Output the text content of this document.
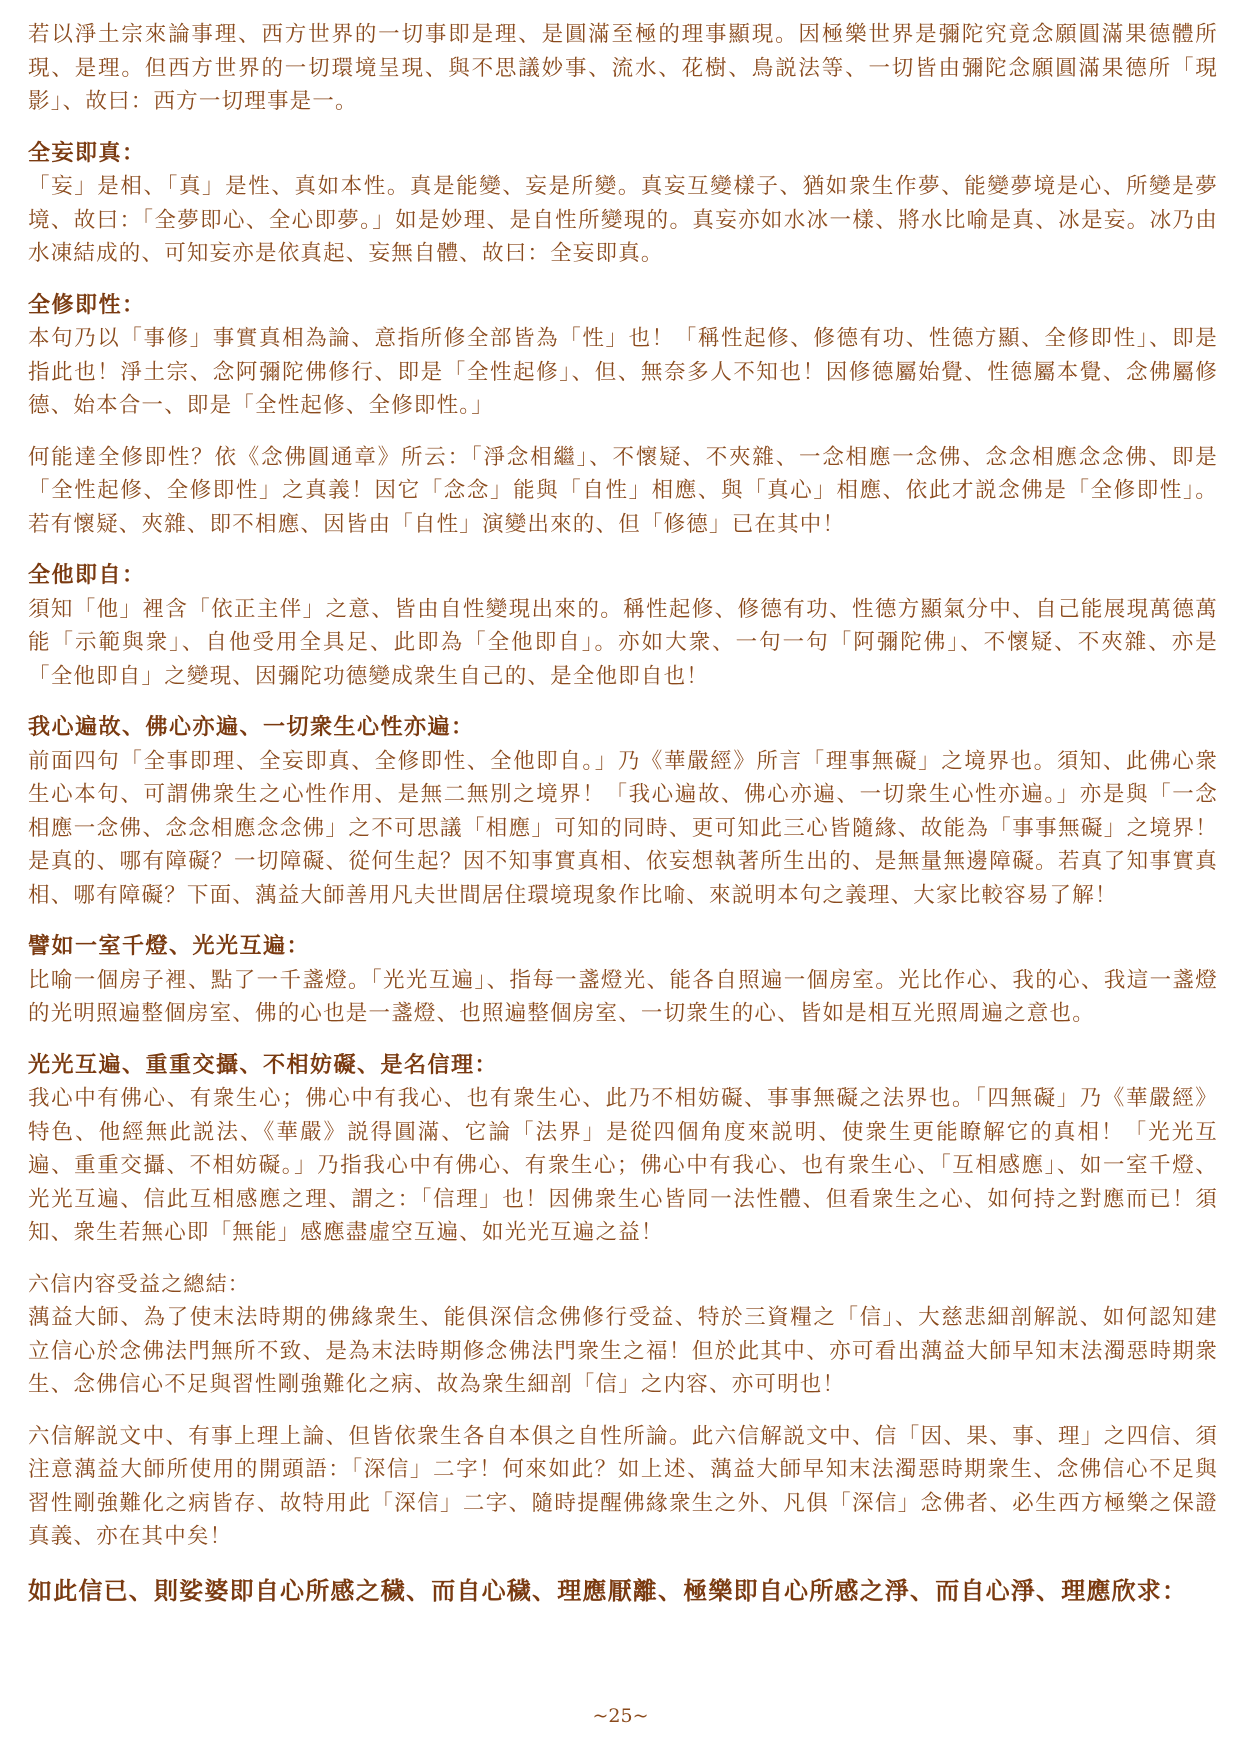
若以淨土宗來論事理、西方世界的一切事即是理、是圓滿至極的理事顯現。因極樂世界是彌陀究竟念願圓滿果德體所現、是理。但西方世界的一切環境呈現、與不思議妙事、流水、花樹、鳥説法等、一切皆由彌陀念願圓滿果德所「現影」、故曰：西方一切理事是一。

全妄即真：

「妄」是相、「真」是性、真如本性。真是能變、妄是所變。真妄互變樣子、猶如衆生作夢、能變夢境是心、所變是夢境、故曰：「全夢即心、全心即夢。」如是妙理、是自性所變現的。真妄亦如水冰一樣、將水比喻是真、冰是妄。冰乃由水凍結成的、可知妄亦是依真起、妄無自體、故曰：全妄即真。

全修即性：

本句乃以「事修」事實真相為論、意指所修全部皆為「性」也！「稱性起修、修德有功、性德方顯、全修即性」、即是指此也！淨土宗、念阿彌陀佛修行、即是「全性起修」、但、無奈多人不知也！因修德屬始覺、性德屬本覺、念佛屬修德、始本合一、即是「全性起修、全修即性。」

何能達全修即性？依《念佛圓通章》所云：「淨念相繼」、不懷疑、不夾雜、一念相應一念佛、念念相應念念佛、即是「全性起修、全修即性」之真義！因它「念念」能與「自性」相應、與「真心」相應、依此才説念佛是「全修即性」。若有懷疑、夾雜、即不相應、因皆由「自性」演變出來的、但「修德」已在其中！

全他即自：

須知「他」裡含「依正主伴」之意、皆由自性變現出來的。稱性起修、修德有功、性德方顯氣分中、自己能展現萬德萬能「示範與衆」、自他受用全具足、此即為「全他即自」。亦如大衆、一句一句「阿彌陀佛」、不懷疑、不夾雜、亦是「全他即自」之變現、因彌陀功德變成衆生自己的、是全他即自也！

我心遍故、佛心亦遍、一切衆生心性亦遍：

前面四句「全事即理、全妄即真、全修即性、全他即自。」乃《華嚴經》所言「理事無礙」之境界也。須知、此佛心衆生心本句、可謂佛衆生之心性作用、是無二無別之境界！「我心遍故、佛心亦遍、一切衆生心性亦遍。」亦是與「一念相應一念佛、念念相應念念佛」之不可思議「相應」可知的同時、更可知此三心皆隨緣、故能為「事事無礙」之境界！是真的、哪有障礙？一切障礙、從何生起？因不知事實真相、依妄想執著所生出的、是無量無邊障礙。若真了知事實真相、哪有障礙？下面、蕅益大師善用凡夫世間居住環境現象作比喻、來説明本句之義理、大家比較容易了解！

譬如一室千燈、光光互遍：

比喻一個房子裡、點了一千盞燈。「光光互遍」、指每一盞燈光、能各自照遍一個房室。光比作心、我的心、我這一盞燈的光明照遍整個房室、佛的心也是一盞燈、也照遍整個房室、一切衆生的心、皆如是相互光照周遍之意也。

光光互遍、重重交攝、不相妨礙、是名信理：

我心中有佛心、有衆生心；佛心中有我心、也有衆生心、此乃不相妨礙、事事無礙之法界也。「四無礙」乃《華嚴經》特色、他經無此説法、《華嚴》説得圓滿、它論「法界」是從四個角度來説明、使衆生更能瞭解它的真相！「光光互遍、重重交攝、不相妨礙。」乃指我心中有佛心、有衆生心；佛心中有我心、也有衆生心、「互相感應」、如一室千燈、光光互遍、信此互相感應之理、謂之：「信理」也！因佛衆生心皆同一法性體、但看衆生之心、如何持之對應而已！須知、衆生若無心即「無能」感應盡虛空互遍、如光光互遍之益！

六信内容受益之總結：

蕅益大師、為了使末法時期的佛緣衆生、能俱深信念佛修行受益、特於三資糧之「信」、大慈悲細剖解説、如何認知建立信心於念佛法門無所不致、是為末法時期修念佛法門衆生之福！但於此其中、亦可看出蕅益大師早知末法濁惡時期衆生、念佛信心不足與習性剛強難化之病、故為衆生細剖「信」之内容、亦可明也！

六信解説文中、有事上理上論、但皆依衆生各自本俱之自性所論。此六信解説文中、信「因、果、事、理」之四信、須注意蕅益大師所使用的開頭語：「深信」二字！何來如此？如上述、蕅益大師早知末法濁惡時期衆生、念佛信心不足與習性剛強難化之病皆存、故特用此「深信」二字、隨時提醒佛緣衆生之外、凡俱「深信」念佛者、必生西方極樂之保證真義、亦在其中矣！

如此信已、則娑婆即自心所感之穢、而自心穢、理應厭離、極樂即自心所感之淨、而自心淨、理應欣求：
~25~
